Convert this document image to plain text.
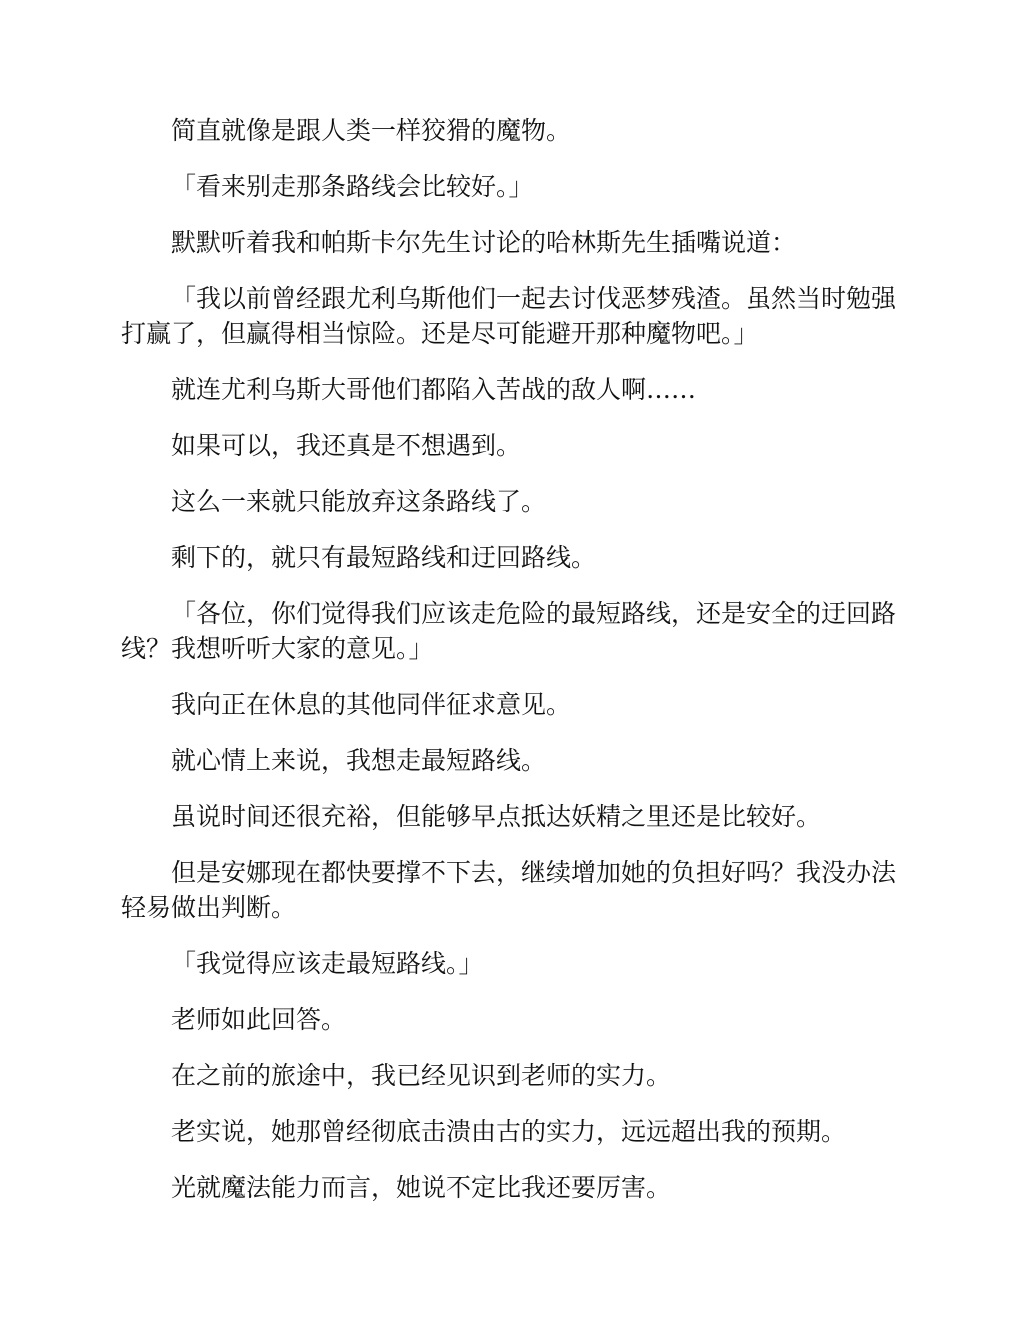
简直就像是跟人类一样狡猾的魔物。

「看来别走那条路线会比较好。」

默默听着我和帕斯卡尔先生讨论的哈林斯先生插嘴说道：

「我以前曾经跟尤利乌斯他们一起去讨伐恶梦残渣。虽然当时勉强打赢了，但赢得相当惊险。还是尽可能避开那种魔物吧。」

就连尤利乌斯大哥他们都陷入苦战的敌人啊……

如果可以，我还真是不想遇到。

这么一来就只能放弃这条路线了。

剩下的，就只有最短路线和迂回路线。

「各位，你们觉得我们应该走危险的最短路线，还是安全的迂回路线？我想听听大家的意见。」

我向正在休息的其他同伴征求意见。

就心情上来说，我想走最短路线。

虽说时间还很充裕，但能够早点抵达妖精之里还是比较好。

但是安娜现在都快要撑不下去，继续增加她的负担好吗？我没办法轻易做出判断。

「我觉得应该走最短路线。」

老师如此回答。

在之前的旅途中，我已经见识到老师的实力。

老实说，她那曾经彻底击溃由古的实力，远远超出我的预期。

光就魔法能力而言，她说不定比我还要厉害。
